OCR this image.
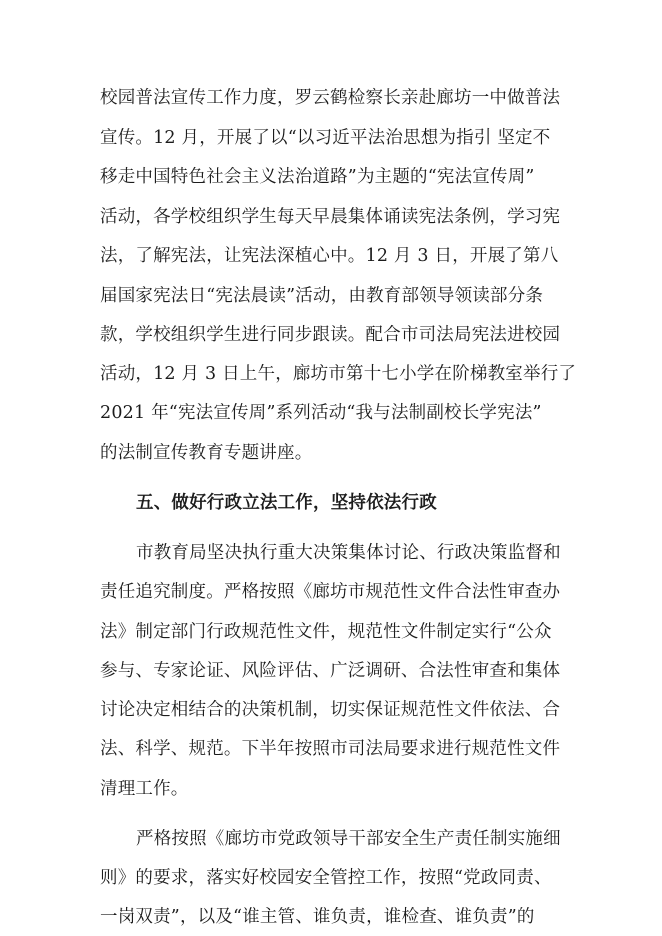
校园普法宣传工作力度，罗云鹤检察长亲赴廊坊一中做普法
宣传。12 月，开展了以“以习近平法治思想为指引 坚定不
移走中国特色社会主义法治道路”为主题的“宪法宣传周”
活动，各学校组织学生每天早晨集体诵读宪法条例，学习宪
法，了解宪法，让宪法深植心中。12 月 3 日，开展了第八
届国家宪法日“宪法晨读”活动，由教育部领导领读部分条
款，学校组织学生进行同步跟读。配合市司法局宪法进校园
活动，12 月 3 日上午，廊坊市第十七小学在阶梯教室举行了
2021 年“宪法宣传周”系列活动“我与法制副校长学宪法”
的法制宣传教育专题讲座。
五、做好行政立法工作，坚持依法行政
市教育局坚决执行重大决策集体讨论、行政决策监督和
责任追究制度。严格按照《廊坊市规范性文件合法性审查办
法》制定部门行政规范性文件，规范性文件制定实行“公众
参与、专家论证、风险评估、广泛调研、合法性审查和集体
讨论决定相结合的决策机制，切实保证规范性文件依法、合
法、科学、规范。下半年按照市司法局要求进行规范性文件
清理工作。
严格按照《廊坊市党政领导干部安全生产责任制实施细
则》的要求，落实好校园安全管控工作，按照“党政同责、
一岗双责”，以及“谁主管、谁负责，谁检查、谁负责”的
